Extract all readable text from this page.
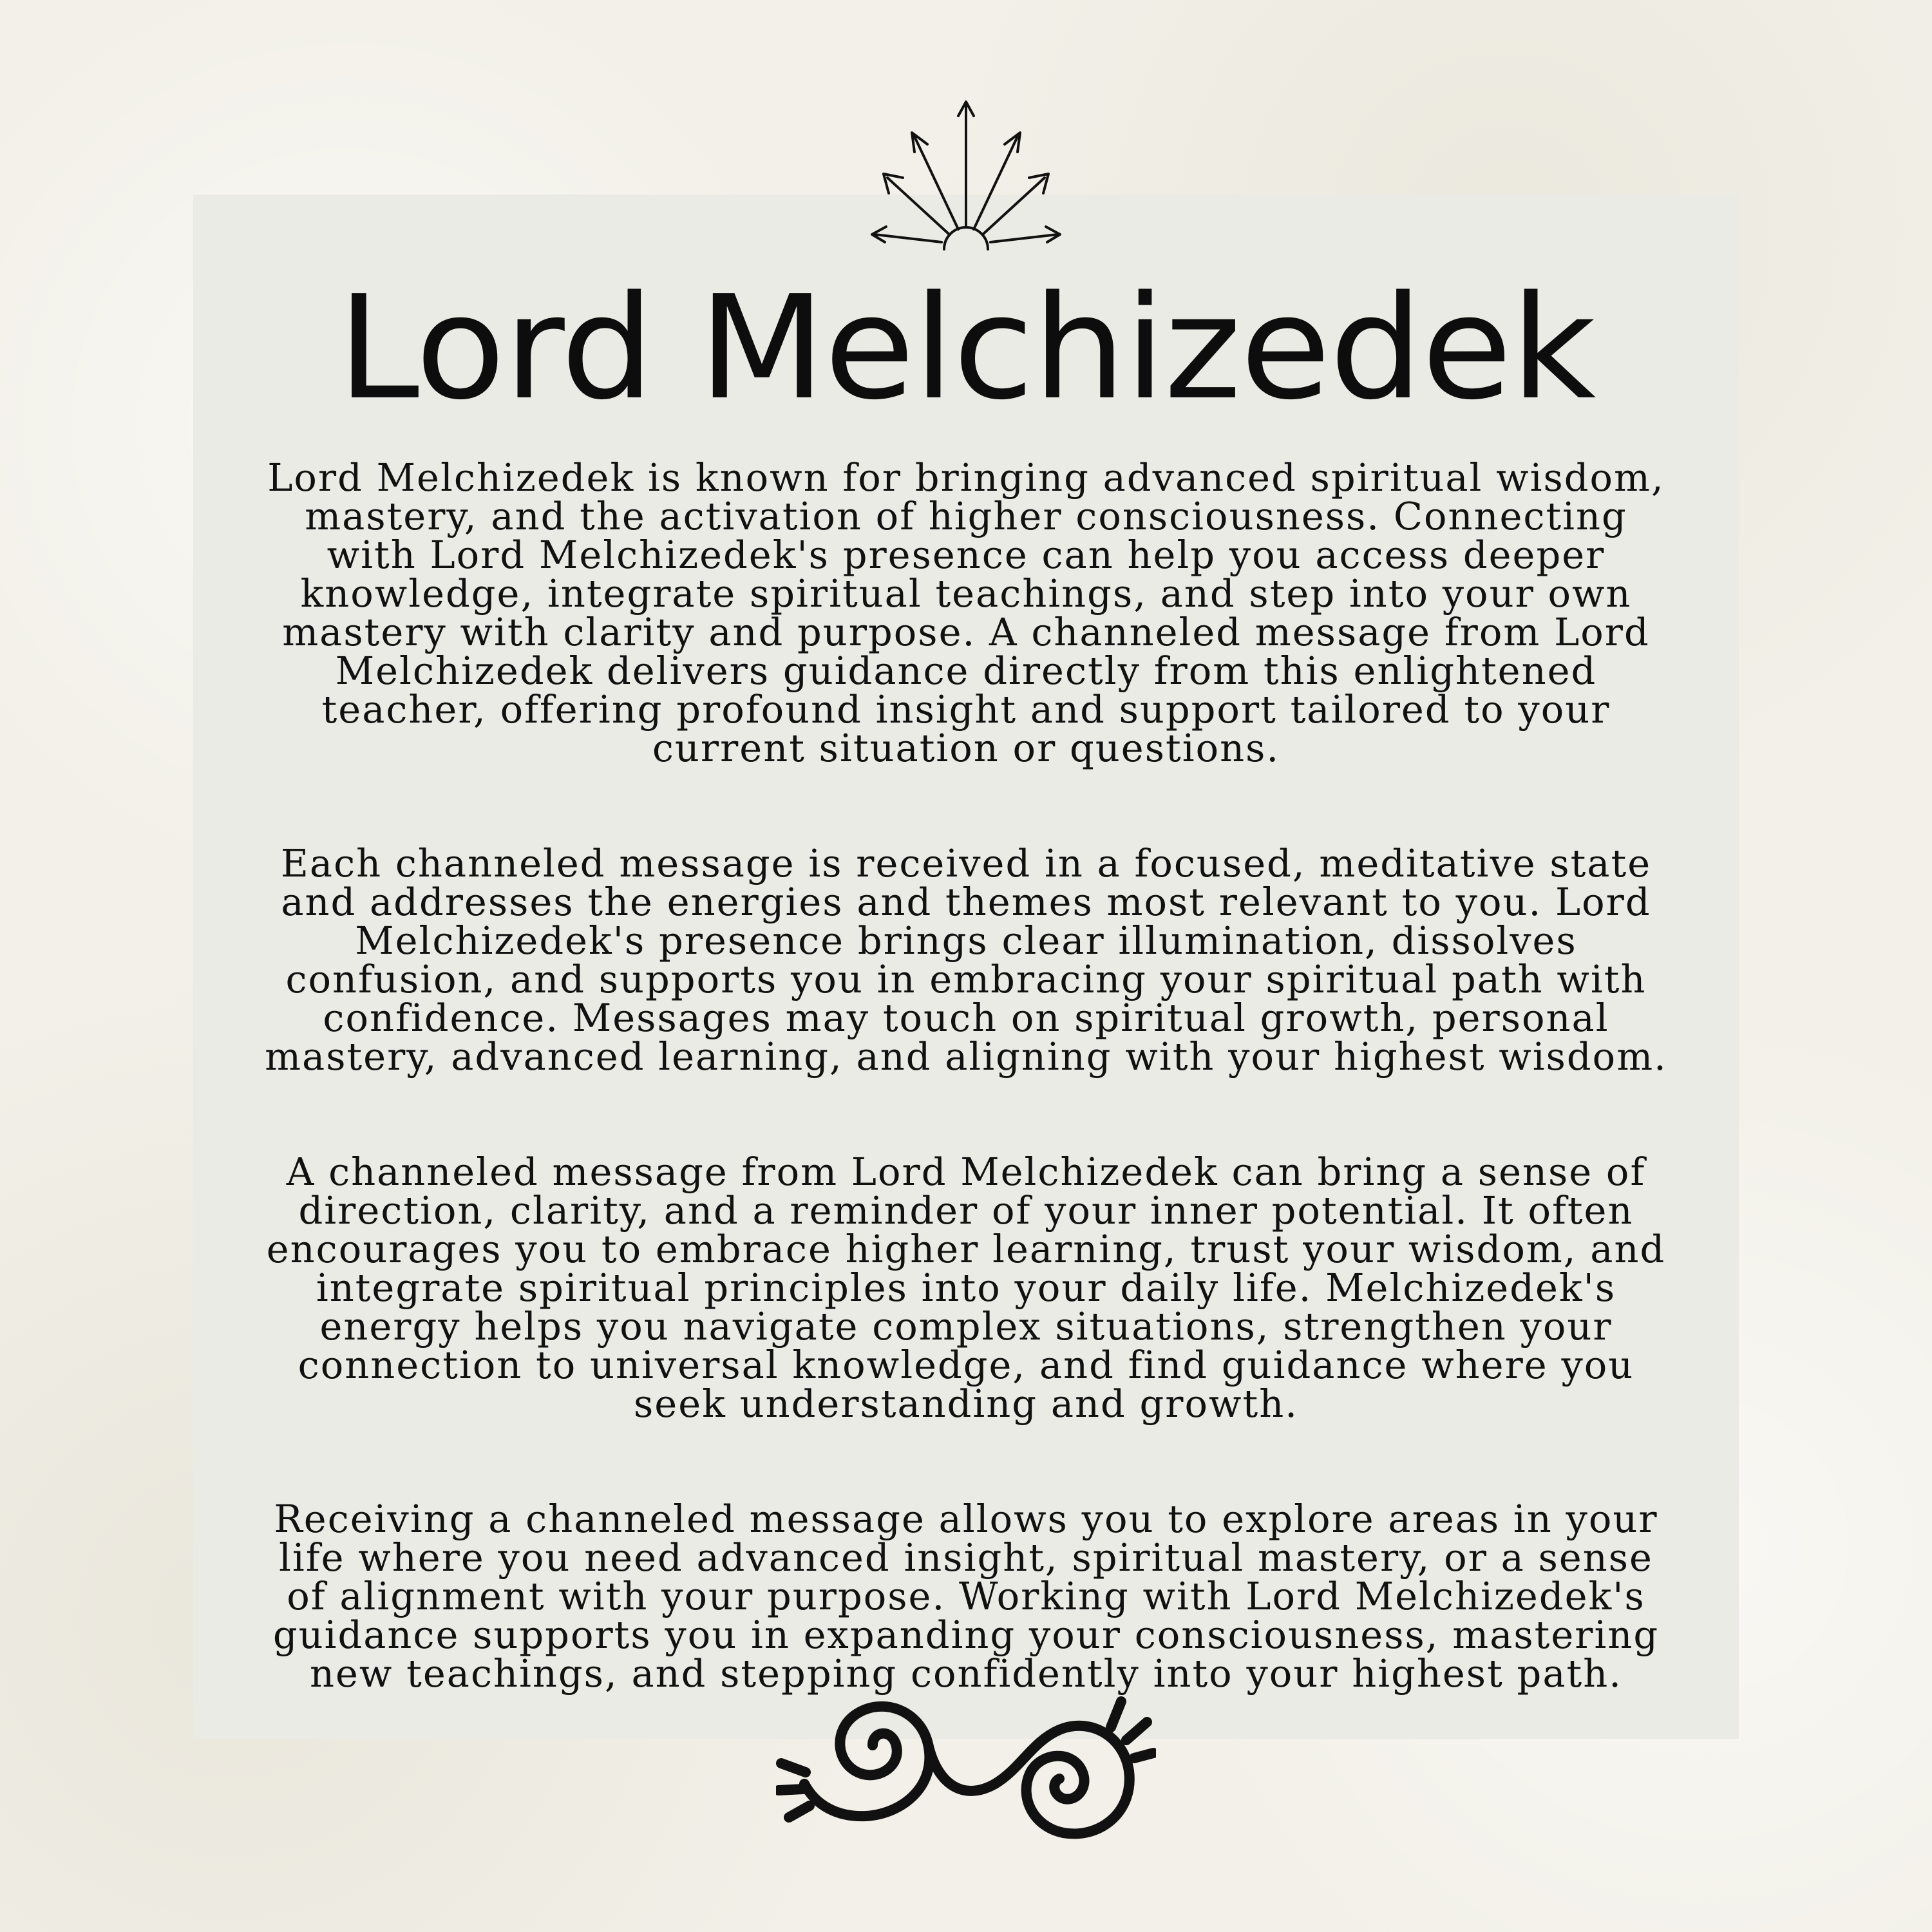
Lord Melchizedek

Lord Melchizedek is known for bringing advanced spiritual wisdom, mastery, and the activation of higher consciousness. Connecting with Lord Melchizedek's presence can help you access deeper knowledge, integrate spiritual teachings, and step into your own mastery with clarity and purpose. A channeled message from Lord Melchizedek delivers guidance directly from this enlightened teacher, offering profound insight and support tailored to your current situation or questions.

Each channeled message is received in a focused, meditative state and addresses the energies and themes most relevant to you. Lord Melchizedek's presence brings clear illumination, dissolves confusion, and supports you in embracing your spiritual path with confidence. Messages may touch on spiritual growth, personal mastery, advanced learning, and aligning with your highest wisdom.

A channeled message from Lord Melchizedek can bring a sense of direction, clarity, and a reminder of your inner potential. It often encourages you to embrace higher learning, trust your wisdom, and integrate spiritual principles into your daily life. Melchizedek's energy helps you navigate complex situations, strengthen your connection to universal knowledge, and find guidance where you seek understanding and growth.

Receiving a channeled message allows you to explore areas in your life where you need advanced insight, spiritual mastery, or a sense of alignment with your purpose. Working with Lord Melchizedek's guidance supports you in expanding your consciousness, mastering new teachings, and stepping confidently into your highest path.
